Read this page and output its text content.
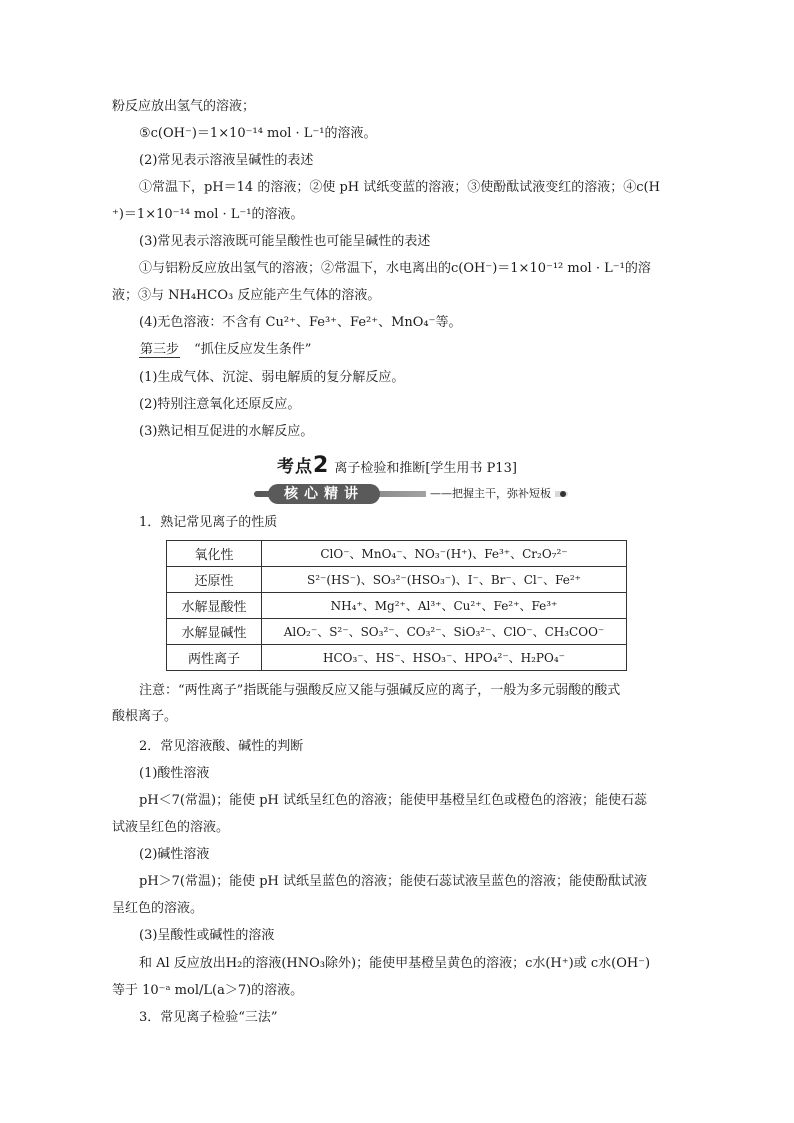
粉反应放出氢气的溶液；
⑤c(OH⁻)＝1×10⁻¹⁴ mol · L⁻¹的溶液。
(2)常见表示溶液呈碱性的表述
①常温下，pH＝14 的溶液；②使 pH 试纸变蓝的溶液；③使酚酞试液变红的溶液；④c(H
⁺)＝1×10⁻¹⁴ mol · L⁻¹的溶液。
(3)常见表示溶液既可能呈酸性也可能呈碱性的表述
①与铝粉反应放出氢气的溶液；②常温下，水电离出的c(OH⁻)＝1×10⁻¹² mol · L⁻¹的溶
液；③与 NH₄HCO₃ 反应能产生气体的溶液。
(4)无色溶液：不含有 Cu²⁺、Fe³⁺、Fe²⁺、MnO₄⁻等。
第三步 “抓住反应发生条件”
(1)生成气体、沉淀、弱电解质的复分解反应。
(2)特别注意氧化还原反应。
(3)熟记相互促进的水解反应。
考点2 离子检验和推断[学生用书 P13]
核心精讲	——把握主干，弥补短板
1．熟记常见离子的性质
氧化性	ClO⁻、MnO₄⁻、NO₃⁻(H⁺)、Fe³⁺、Cr₂O₇²⁻
还原性	S²⁻(HS⁻)、SO₃²⁻(HSO₃⁻)、I⁻、Br⁻、Cl⁻、Fe²⁺
水解显酸性	NH₄⁺、Mg²⁺、Al³⁺、Cu²⁺、Fe²⁺、Fe³⁺
水解显碱性	AlO₂⁻、S²⁻、SO₃²⁻、CO₃²⁻、SiO₃²⁻、ClO⁻、CH₃COO⁻
两性离子	HCO₃⁻、HS⁻、HSO₃⁻、HPO₄²⁻、H₂PO₄⁻
注意：“两性离子”指既能与强酸反应又能与强碱反应的离子，一般为多元弱酸的酸式
酸根离子。
2．常见溶液酸、碱性的判断
(1)酸性溶液
pH＜7(常温)；能使 pH 试纸呈红色的溶液；能使甲基橙呈红色或橙色的溶液；能使石蕊
试液呈红色的溶液。
(2)碱性溶液
pH＞7(常温)；能使 pH 试纸呈蓝色的溶液；能使石蕊试液呈蓝色的溶液；能使酚酞试液
呈红色的溶液。
(3)呈酸性或碱性的溶液
和 Al 反应放出H₂的溶液(HNO₃除外)；能使甲基橙呈黄色的溶液；c水(H⁺)或 c水(OH⁻)
等于 10⁻ᵃ mol/L(a＞7)的溶液。
3．常见离子检验“三法”
